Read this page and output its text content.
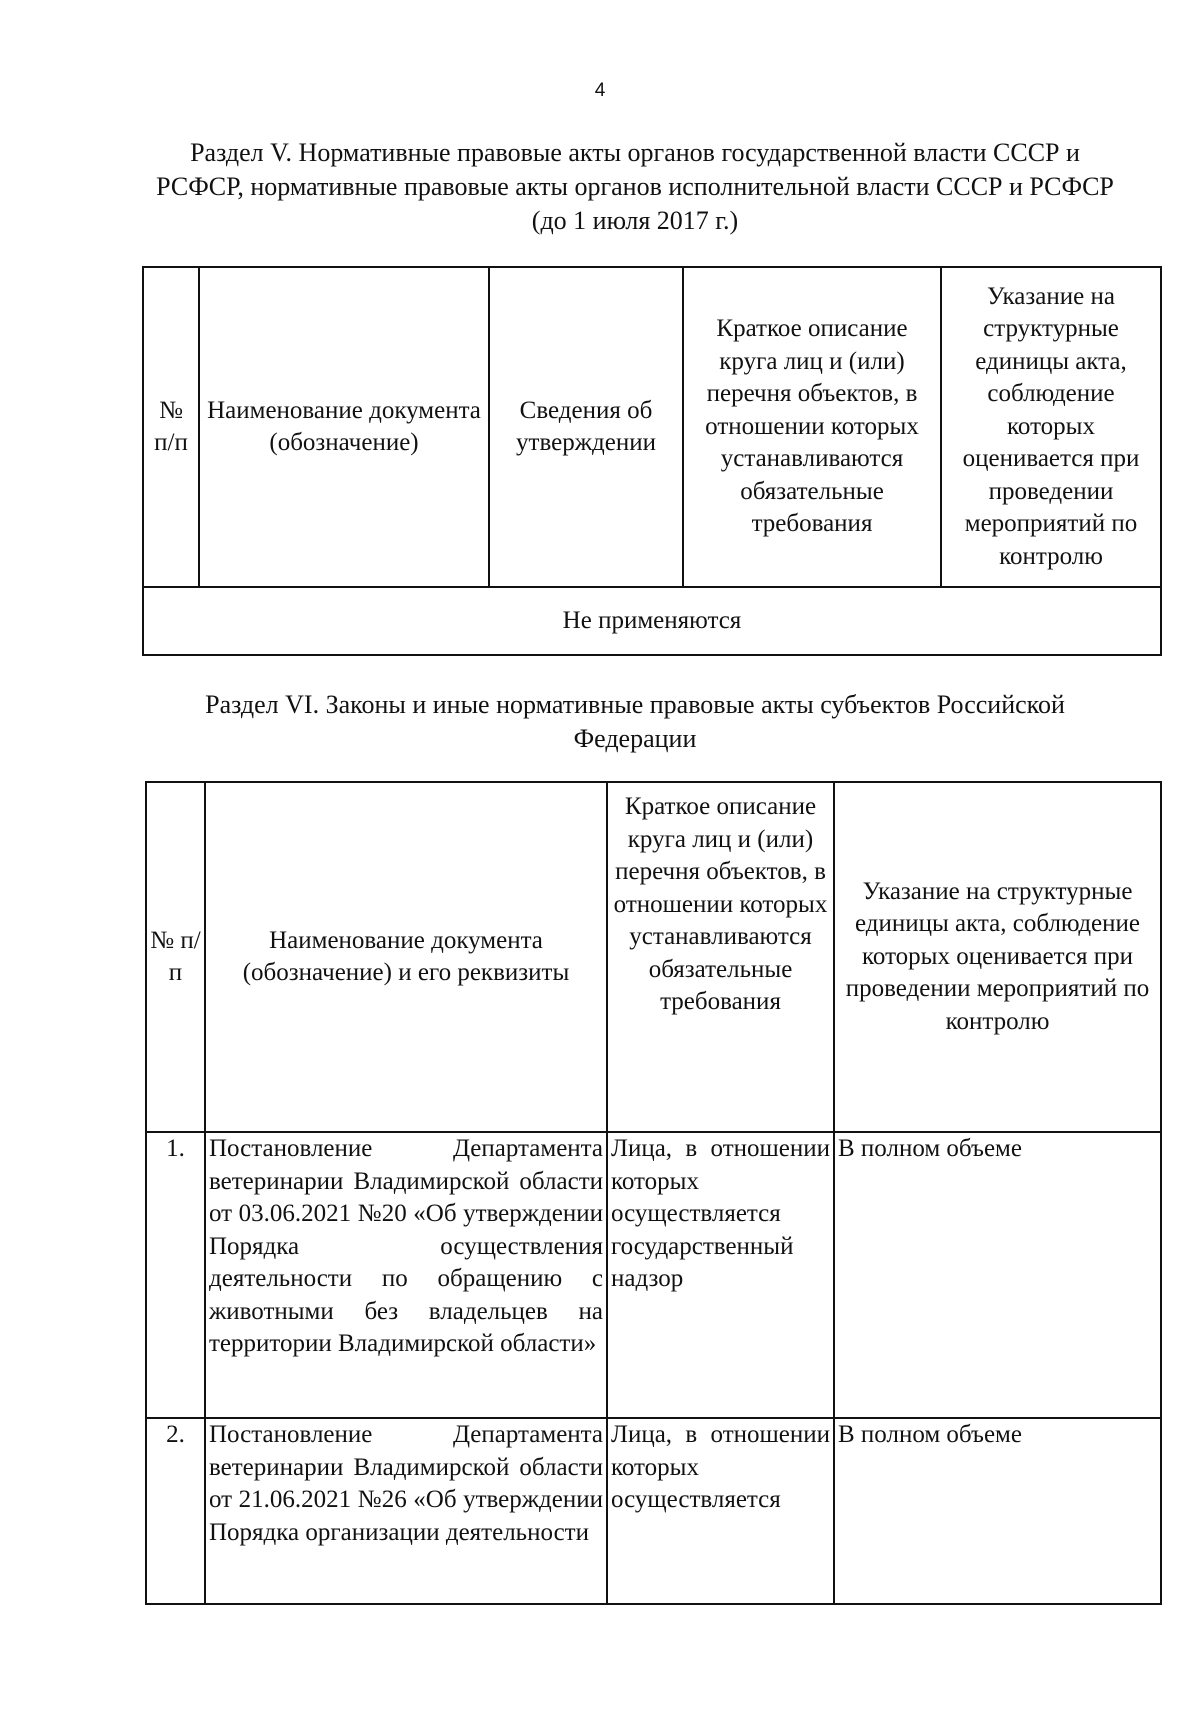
4
Раздел V. Нормативные правовые акты органов государственной власти СССР и РСФСР, нормативные правовые акты органов исполнительной власти СССР и РСФСР (до 1 июля 2017 г.)
№ п/п	Наименование документа (обозначение)	Сведения об утверждении	Краткое описание круга лиц и (или) перечня объектов, в отношении которых устанавливаются обязательные требования	Указание на структурные единицы акта, соблюдение которых оценивается при проведении мероприятий по контролю
Не применяются
Раздел VI. Законы и иные нормативные правовые акты субъектов Российской Федерации
№ п/п	Наименование документа (обозначение) и его реквизиты	Краткое описание круга лиц и (или) перечня объектов, в отношении которых устанавливаются обязательные требования	Указание на структурные единицы акта, соблюдение которых оценивается при проведении мероприятий по контролю
1.	Постановление Департамента ветеринарии Владимирской области от 03.06.2021 №20 «Об утверждении Порядка осуществления деятельности по обращению с животными без владельцев на территории Владимирской области»	Лица, в отношении которых осуществляется государственный надзор	В полном объеме
2.	Постановление Департамента ветеринарии Владимирской области от 21.06.2021 №26 «Об утверждении Порядка организации деятельности	Лица, в отношении которых осуществляется	В полном объеме
